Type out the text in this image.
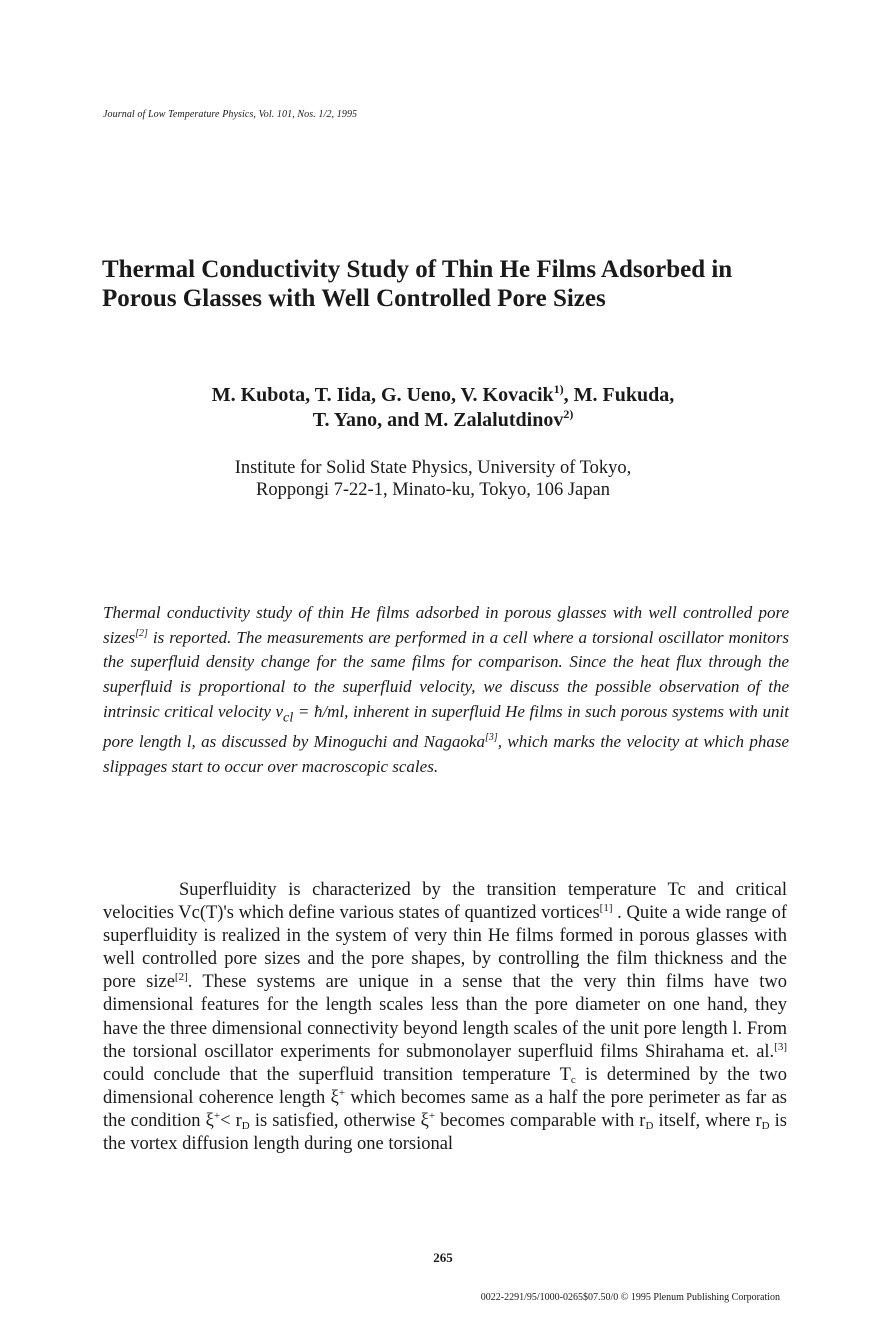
Journal of Low Temperature Physics, Vol. 101, Nos. 1/2, 1995
Thermal Conductivity Study of Thin He Films Adsorbed in Porous Glasses with Well Controlled Pore Sizes
M. Kubota, T. Iida, G. Ueno, V. Kovacik$^{1)}$, M. Fukuda,
T. Yano, and M. Zalalutdinov$^{2)}$
Institute for Solid State Physics, University of Tokyo,
Roppongi 7-22-1, Minato-ku, Tokyo, 106 Japan
Thermal conductivity study of thin He films adsorbed in porous glasses with well controlled pore sizes[2] is reported. The measurements are performed in a cell where a torsional oscillator monitors the superfluid density change for the same films for comparison. Since the heat flux through the superfluid is proportional to the superfluid velocity, we discuss the possible observation of the intrinsic critical velocity $v_{cl}$ = ħ/ml, inherent in superfluid He films in such porous systems with unit pore length l, as discussed by Minoguchi and Nagaoka[3], which marks the velocity at which phase slippages start to occur over macroscopic scales.

Superfluidity is characterized by the transition temperature Tc and critical velocities Vc(T)'s which define various states of quantized vortices[1] . Quite a wide range of superfluidity is realized in the system of very thin He films formed in porous glasses with well controlled pore sizes and the pore shapes, by controlling the film thickness and the pore size[2]. These systems are unique in a sense that the very thin films have two dimensional features for the length scales less than the pore diameter on one hand, they have the three dimensional connectivity beyond length scales of the unit pore length l. From the torsional oscillator experiments for submonolayer superfluid films Shirahama et. al.[3] could conclude that the superfluid transition temperature $T_c$ is determined by the two dimensional coherence length ξ+ which becomes same as a half the pore perimeter as far as the condition $\xi^+< r_D$ is satisfied, otherwise ξ+ becomes comparable with $r_D$ itself, where $r_D$ is the vortex diffusion length during one torsional

265
0022-2291/95/1000-0265$07.50/0 © 1995 Plenum Publishing Corporation
